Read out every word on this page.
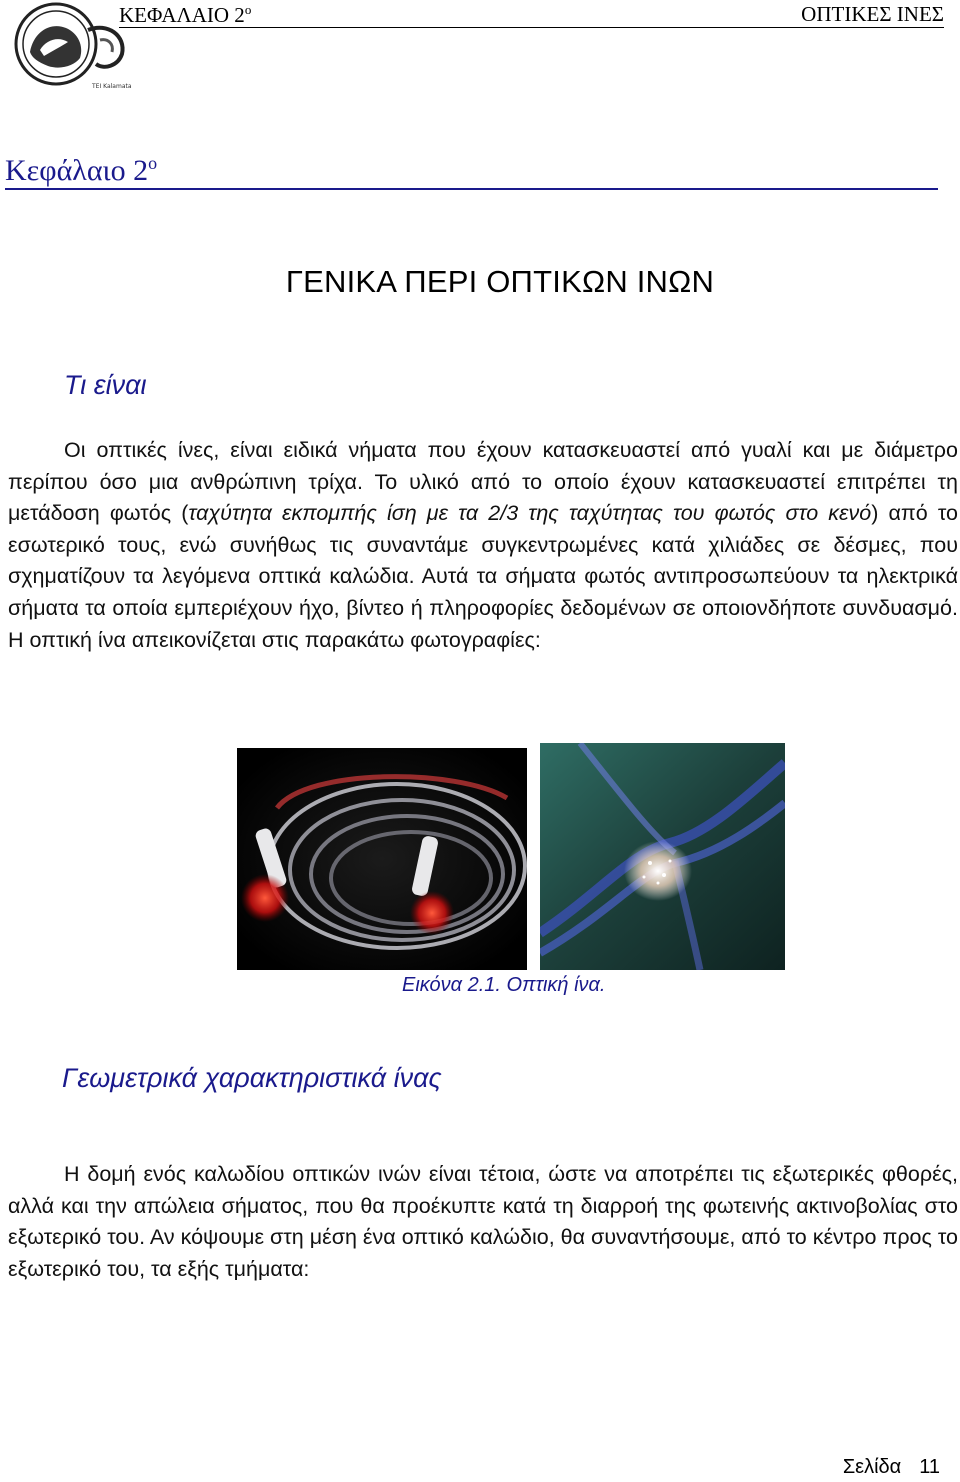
TEI Kalamata
ΚΕΦΑΛΑΙΟ $2^o$	ΟΠΤΙΚΕΣ ΙΝΕΣ
Κεφάλαιο $2^o$
ΓΕΝΙΚΑ ΠΕΡΙ ΟΠΤΙΚΩΝ ΙΝΩΝ
Τι είναι
Οι οπτικές ίνες, είναι ειδικά νήματα που έχουν κατασκευαστεί από γυαλί και με διάμετρο περίπου όσο μια ανθρώπινη τρίχα. Το υλικό από το οποίο έχουν κατασκευαστεί επιτρέπει τη μετάδοση φωτός (ταχύτητα εκπομπής ίση με τα 2/3 της ταχύτητας του φωτός στο κενό) από το εσωτερικό τους, ενώ συνήθως τις συναντάμε συγκεντρωμένες κατά χιλιάδες σε δέσμες, που σχηματίζουν τα λεγόμενα οπτικά καλώδια. Αυτά τα σήματα φωτός αντιπροσωπεύουν τα ηλεκτρικά σήματα τα οποία εμπεριέχουν ήχο, βίντεο ή πληροφορίες δεδομένων σε οποιονδήποτε συνδυασμό. Η οπτική ίνα απεικονίζεται στις παρακάτω φωτογραφίες:
Εικόνα 2.1. Οπτική ίνα.
Γεωμετρικά χαρακτηριστικά ίνας
Η δομή ενός καλωδίου οπτικών ινών είναι τέτοια, ώστε να αποτρέπει τις εξωτερικές φθορές, αλλά και την απώλεια σήματος, που θα προέκυπτε κατά τη διαρροή της φωτεινής ακτινοβολίας στο εξωτερικό του. Αν κόψουμε στη μέση ένα οπτικό καλώδιο, θα συναντήσουμε, από το κέντρο προς το εξωτερικό του, τα εξής τμήματα:
Σελίδα 11
